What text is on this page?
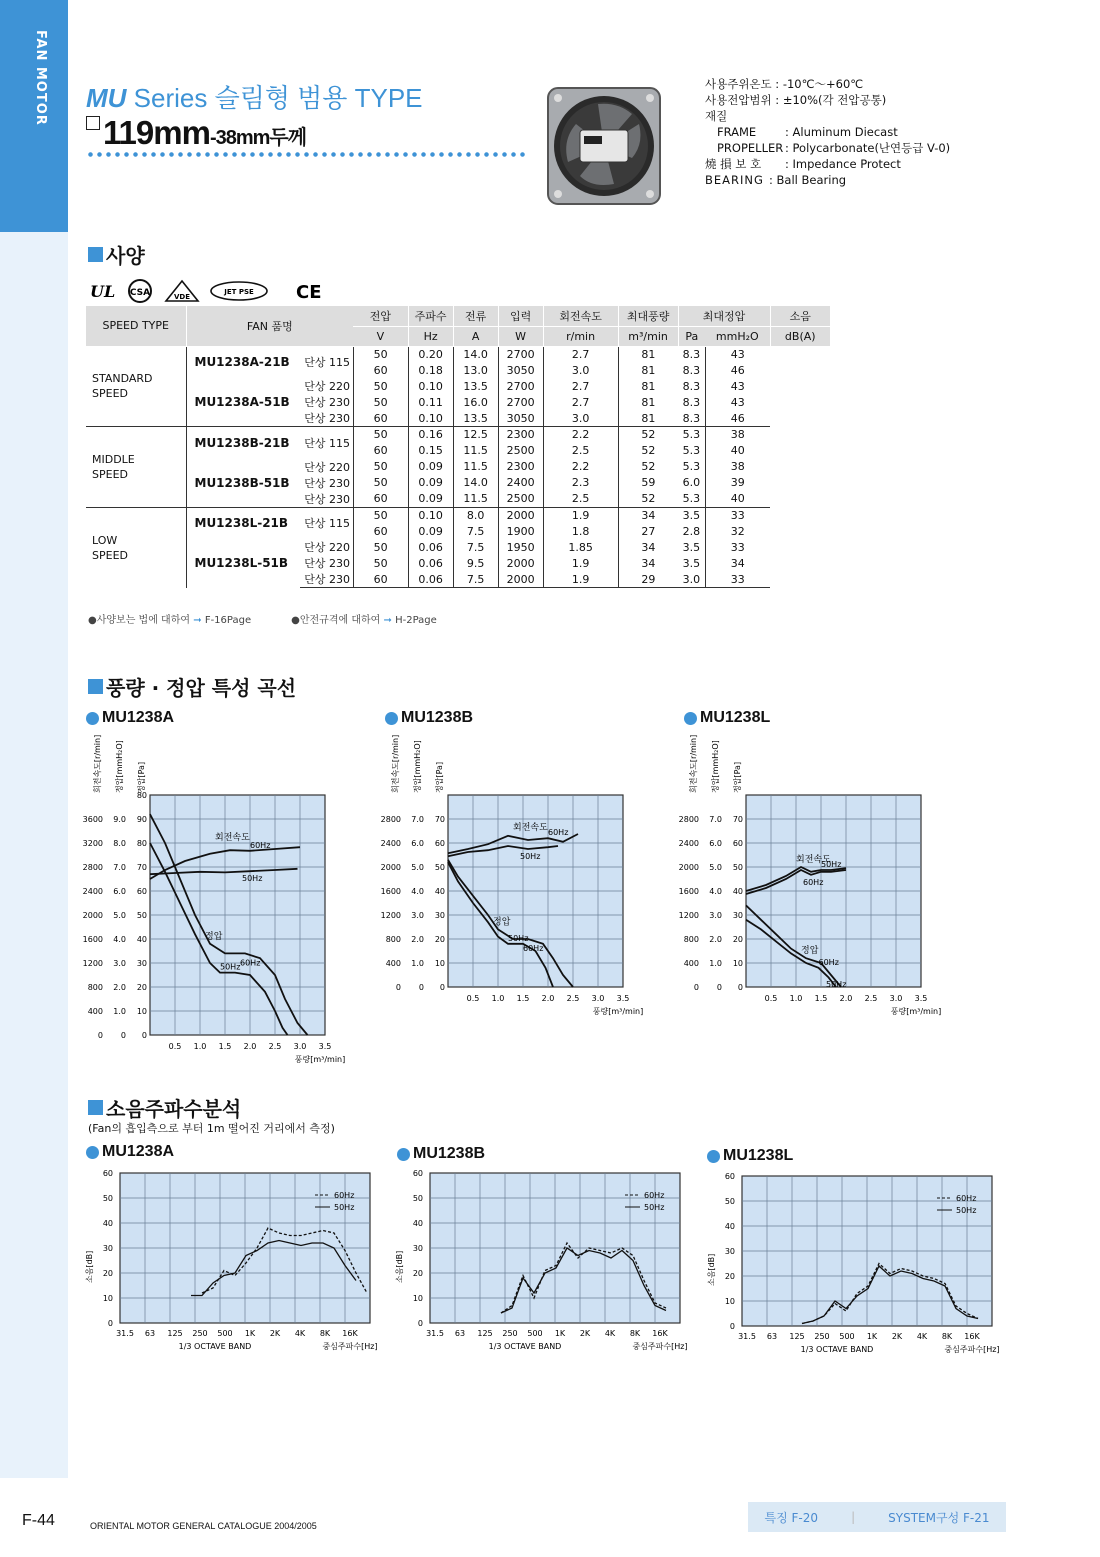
FAN MOTOR MU Series 슬림형 범용 TYPE
119mm-38mm두께
사용주위온도 : -10℃～+60℃
사용전압범위 : ±10%(각 전압공통)
재질
FRAME	: Aluminum Diecast
PROPELLER : Polycarbonate(난연등급 V-0)
燒 損 보 호	: Impedance Protect
BEARING : Ball Bearing
사양
UL CSA	VDE
JET PSE CE
SPEED TYPE	FAN 품명		전압	주파수	전류	입력	회전속도	최대풍량	최대정압		소음
			V	Hz	A	W	r/min	m³/min	Pa	mmH₂O	dB(A)
STANDARD
SPEED	MU1238A-21B	단상 115	50	0.20	14.0	2700	2.7	81	8.3	43	
			60	0.18	13.0	3050	3.0	81	8.3	46	
	MU1238A-51B	단상 220	50	0.10	13.5	2700	2.7	81	8.3	43	
		단상 230	50	0.11	16.0	2700	2.7	81	8.3	43	
		단상 230	60	0.10	13.5	3050	3.0	81	8.3	46	
MIDDLE
SPEED	MU1238B-21B	단상 115	50	0.16	12.5	2300	2.2	52	5.3	38	
			60	0.15	11.5	2500	2.5	52	5.3	40	
	MU1238B-51B	단상 220	50	0.09	11.5	2300	2.2	52	5.3	38	
		단상 230	50	0.09	14.0	2400	2.3	59	6.0	39	
		단상 230	60	0.09	11.5	2500	2.5	52	5.3	40	
LOW
SPEED	MU1238L-21B	단상 115	50	0.10	8.0	2000	1.9	34	3.5	33	
			60	0.09	7.5	1900	1.8	27	2.8	32	
	MU1238L-51B	단상 220	50	0.06	7.5	1950	1.85	34	3.5	33	
		단상 230	50	0.06	9.5	2000	1.9	34	3.5	34	
		단상 230	60	0.06	7.5	2000	1.9	29	3.0	33	
●사양보는 법에 대하여 ➞ F-16Page	●안전규격에 대하여 ➞ H-2Page
풍량 · 정압 특성 곡선
MU1238A	MU1238B	MU1238L
0
400
800
1200
1600
2000
2400
2800
3200
3600
0
1.0
2.0
3.0
4.0
5.0
6.0
7.0
8.0
9.0
0
10
20
30
40
50
60
70
80
90
80
0.5 1.0 1.5 2.0 2.5 3.0 3.5
풍량[m³/min]
회전속도[r/min] 정압[mmH₂O] 정압[Pa]
회전속도
60Hz
50Hz
정압
60Hz
50Hz
0
400
800
1200
1600
2000
2400
2800
0
1.0
2.0
3.0
4.0
5.0
6.0
7.0
0
10
20
30
40
50
60
70
0.5 1.0 1.5 2.0 2.5 3.0 3.5
풍량[m³/min]
회전속도[r/min] 정압[mmH₂O] 정압[Pa]
회전속도 60Hz
50Hz
정압
60Hz
50Hz
0
400
800
1200
1600
2000
2400
2800
0
1.0
2.0
3.0
4.0
5.0
6.0
7.0
0
10
20
30
40
50
60
70
0.5 1.0 1.5 2.0 2.5 3.0 3.5
풍량[m³/min]
회전속도[r/min] 정압[mmH₂O] 정압[Pa]
회전속도
50Hz
60Hz
정압
50Hz
60Hz
소음주파수분석
(Fan의 흡입측으로 부터 1m 떨어진 거리에서 측정)
MU1238A	MU1238B	MU1238L
0
10
20
30
40
50
60
31.5 63 125 250 500 1K 2K 4K 8K 16K
1/3 OCTAVE BAND	중심주파수[Hz]
소음[dB]
60Hz
50Hz
0
10
20
30
40
50
60
31.5 63 125 250 500 1K 2K 4K 8K 16K
1/3 OCTAVE BAND	중심주파수[Hz]
소음[dB]
60Hz
50Hz
0
10
20
30
40
50
60
31.5 63 125 250 500 1K 2K 4K 8K 16K
1/3 OCTAVE BAND	중심주파수[Hz]
소음[dB]
60Hz
50Hz
F-44	ORIENTAL MOTOR GENERAL CATALOGUE 2004/2005
특징 F-20	|	SYSTEM구성 F-21
